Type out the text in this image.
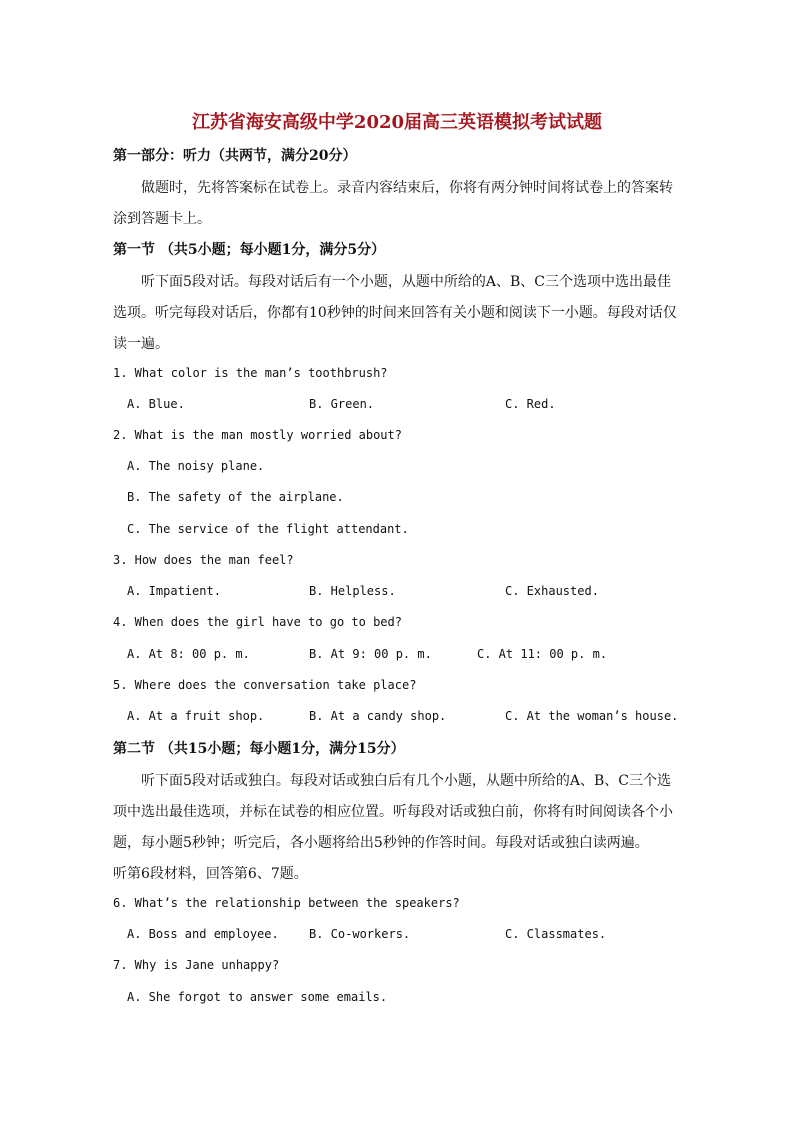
江苏省海安高级中学2020届高三英语模拟考试试题
第一部分：听力（共两节，满分20分）
做题时，先将答案标在试卷上。录音内容结束后，你将有两分钟时间将试卷上的答案转
涂到答题卡上。
第一节 （共5小题；每小题1分，满分5分）
听下面5段对话。每段对话后有一个小题，从题中所给的A、B、C三个选项中选出最佳
选项。听完每段对话后，你都有10秒钟的时间来回答有关小题和阅读下一小题。每段对话仅
读一遍。
1. What color is the man’s toothbrush?
A. Blue.	B. Green.	C. Red.
2. What is the man mostly worried about?
A. The noisy plane.
B. The safety of the airplane.
C. The service of the flight attendant.
3. How does the man feel?
A. Impatient.	B. Helpless.	C. Exhausted.
4. When does the girl have to go to bed?
A. At 8: 00 p. m.	B. At 9: 00 p. m.	C. At 11: 00 p. m.
5. Where does the conversation take place?
A. At a fruit shop.	B. At a candy shop.	C. At the woman’s house.
第二节 （共15小题；每小题1分，满分15分）
听下面5段对话或独白。每段对话或独白后有几个小题，从题中所给的A、B、C三个选
项中选出最佳选项，并标在试卷的相应位置。听每段对话或独白前，你将有时间阅读各个小
题，每小题5秒钟；听完后，各小题将给出5秒钟的作答时间。每段对话或独白读两遍。
听第6段材料，回答第6、7题。
6. What’s the relationship between the speakers?
A. Boss and employee.	B. Co-workers.	C. Classmates.
7. Why is Jane unhappy?
A. She forgot to answer some emails.
